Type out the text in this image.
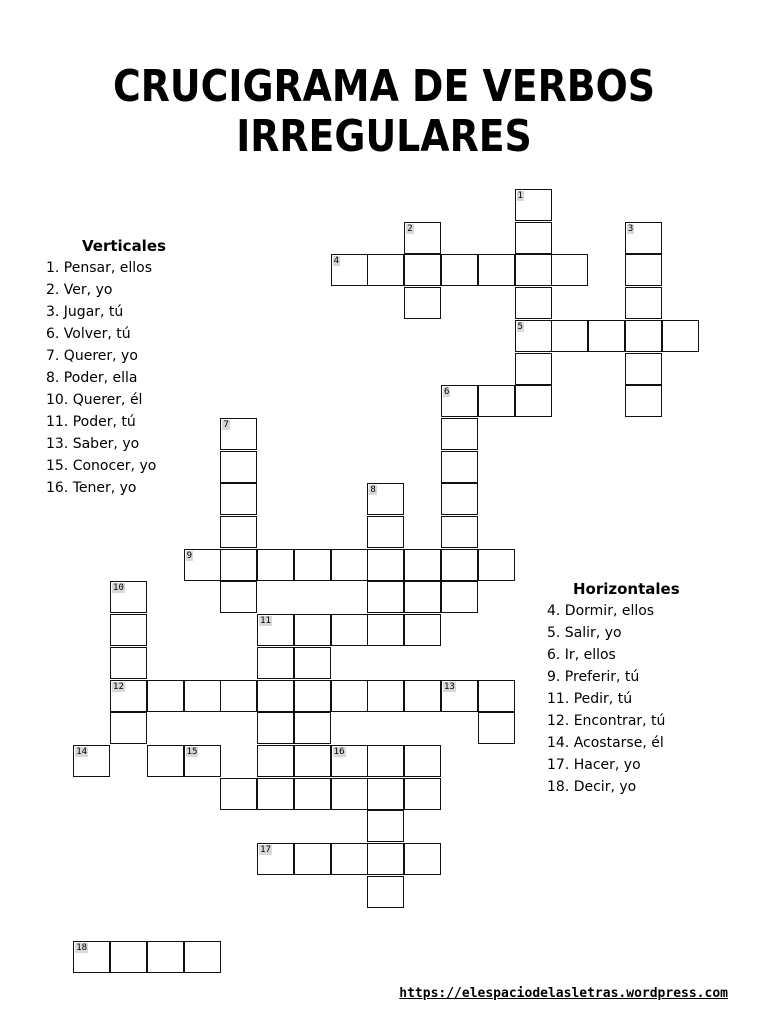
CRUCIGRAMA DE VERBOS
IRREGULARES
1
5
2	3
4
6
7
8
9
10
12	13
14	15	16
18
11
17
Verticales
1. Pensar, ellos
2. Ver, yo
3. Jugar, tú
6. Volver, tú
7. Querer, yo
8. Poder, ella
10. Querer, él
11. Poder, tú
13. Saber, yo
15. Conocer, yo
16. Tener, yo
Horizontales
4. Dormir, ellos
5. Salir, yo
6. Ir, ellos
9. Preferir, tú
11. Pedir, tú
12. Encontrar, tú
14. Acostarse, él
17. Hacer, yo
18. Decir, yo
https://elespaciodelasletras.wordpress.com
